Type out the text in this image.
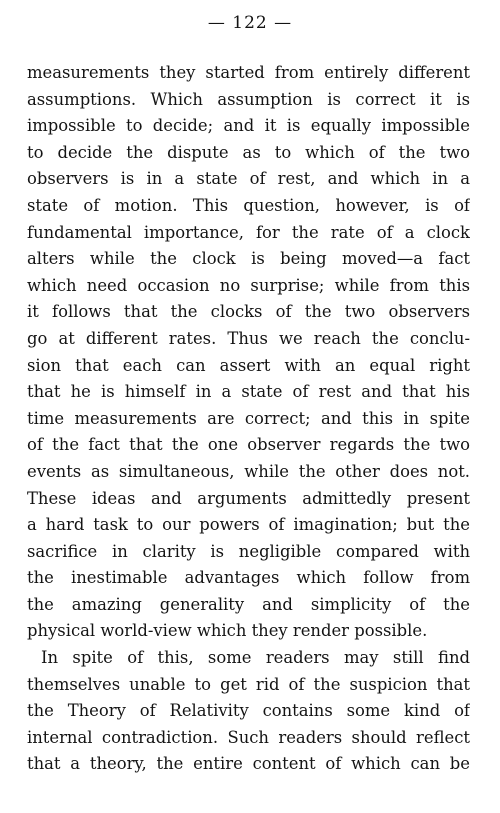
— 122 —
measurements they started from entirely different
assumptions. Which assumption is correct it is
impossible to decide; and it is equally impossible
to decide the dispute as to which of the two
observers is in a state of rest, and which in a
state of motion. This question, however, is of
fundamental importance, for the rate of a clock
alters while the clock is being moved—a fact
which need occasion no surprise; while from this
it follows that the clocks of the two observers
go at different rates. Thus we reach the conclu-
sion that each can assert with an equal right
that he is himself in a state of rest and that his
time measurements are correct; and this in spite
of the fact that the one observer regards the two
events as simultaneous, while the other does not.
These ideas and arguments admittedly present
a hard task to our powers of imagination; but the
sacrifice in clarity is negligible compared with
the inestimable advantages which follow from
the amazing generality and simplicity of the
physical world-view which they render possible.
In spite of this, some readers may still find
themselves unable to get rid of the suspicion that
the Theory of Relativity contains some kind of
internal contradiction. Such readers should reflect
that a theory, the entire content of which can be
